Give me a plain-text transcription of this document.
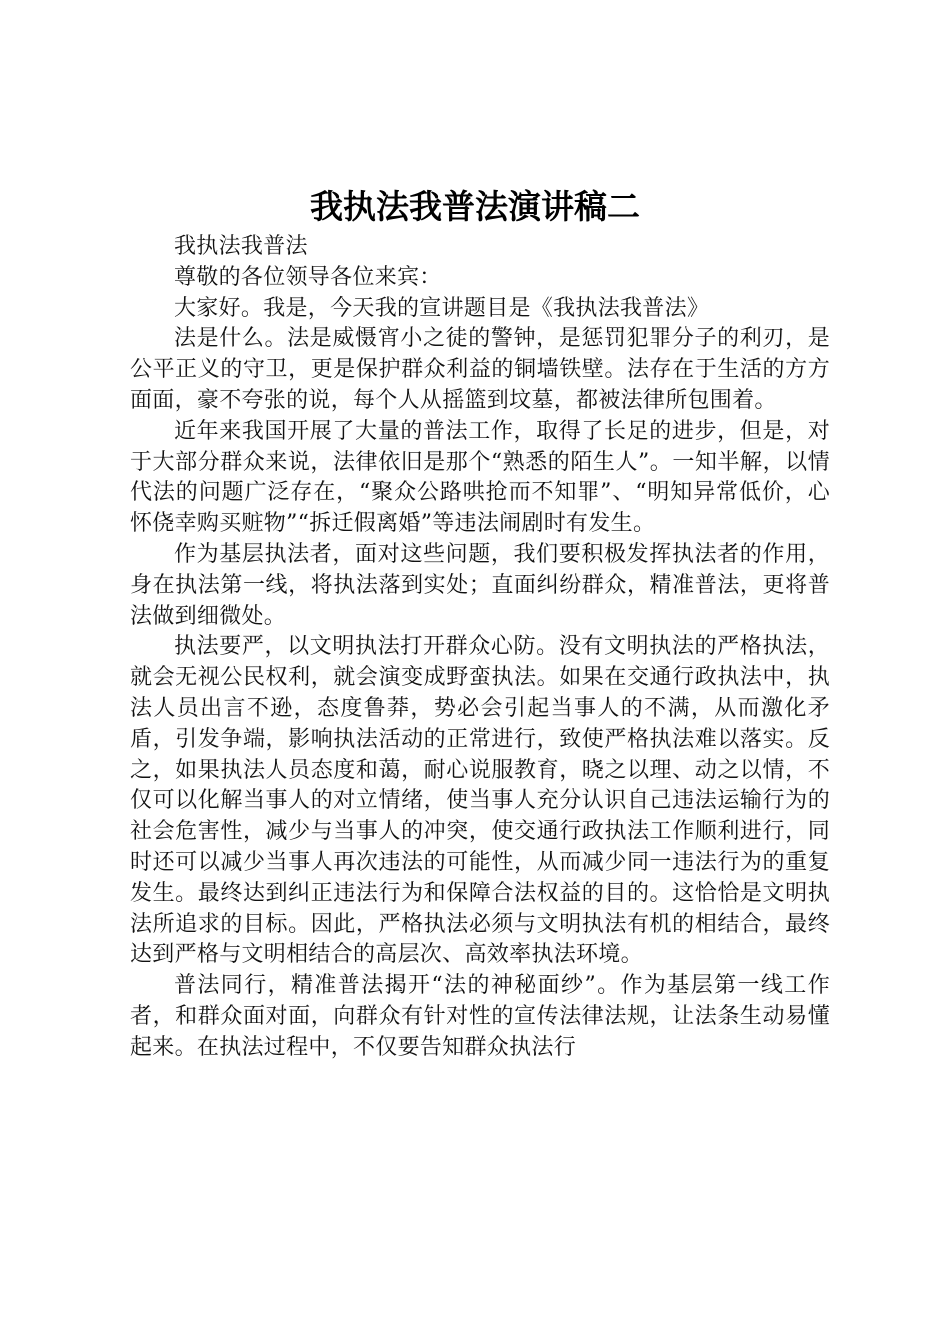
我执法我普法演讲稿二

我执法我普法

尊敬的各位领导各位来宾：

大家好。我是，今天我的宣讲题目是《我执法我普法》

法是什么。法是威慑宵小之徒的警钟，是惩罚犯罪分子的利刃，是公平正义的守卫，更是保护群众利益的铜墙铁壁。法存在于生活的方方面面，豪不夸张的说，每个人从摇篮到坟墓，都被法律所包围着。

近年来我国开展了大量的普法工作，取得了长足的进步，但是，对于大部分群众来说，法律依旧是那个“熟悉的陌生人”。一知半解，以情代法的问题广泛存在，“聚众公路哄抢而不知罪”、“明知异常低价，心怀侥幸购买赃物”“拆迁假离婚”等违法闹剧时有发生。

作为基层执法者，面对这些问题，我们要积极发挥执法者的作用，身在执法第一线，将执法落到实处；直面纠纷群众，精准普法，更将普法做到细微处。

执法要严，以文明执法打开群众心防。没有文明执法的严格执法，就会无视公民权利，就会演变成野蛮执法。如果在交通行政执法中，执法人员出言不逊，态度鲁莽，势必会引起当事人的不满，从而激化矛盾，引发争端，影响执法活动的正常进行，致使严格执法难以落实。反之，如果执法人员态度和蔼，耐心说服教育，晓之以理、动之以情，不仅可以化解当事人的对立情绪，使当事人充分认识自己违法运输行为的社会危害性，减少与当事人的冲突，使交通行政执法工作顺利进行，同时还可以减少当事人再次违法的可能性，从而减少同一违法行为的重复发生。最终达到纠正违法行为和保障合法权益的目的。这恰恰是文明执法所追求的目标。因此，严格执法必须与文明执法有机的相结合，最终达到严格与文明相结合的高层次、高效率执法环境。

普法同行，精准普法揭开“法的神秘面纱”。作为基层第一线工作者，和群众面对面，向群众有针对性的宣传法律法规，让法条生动易懂起来。在执法过程中，不仅要告知群众执法行
